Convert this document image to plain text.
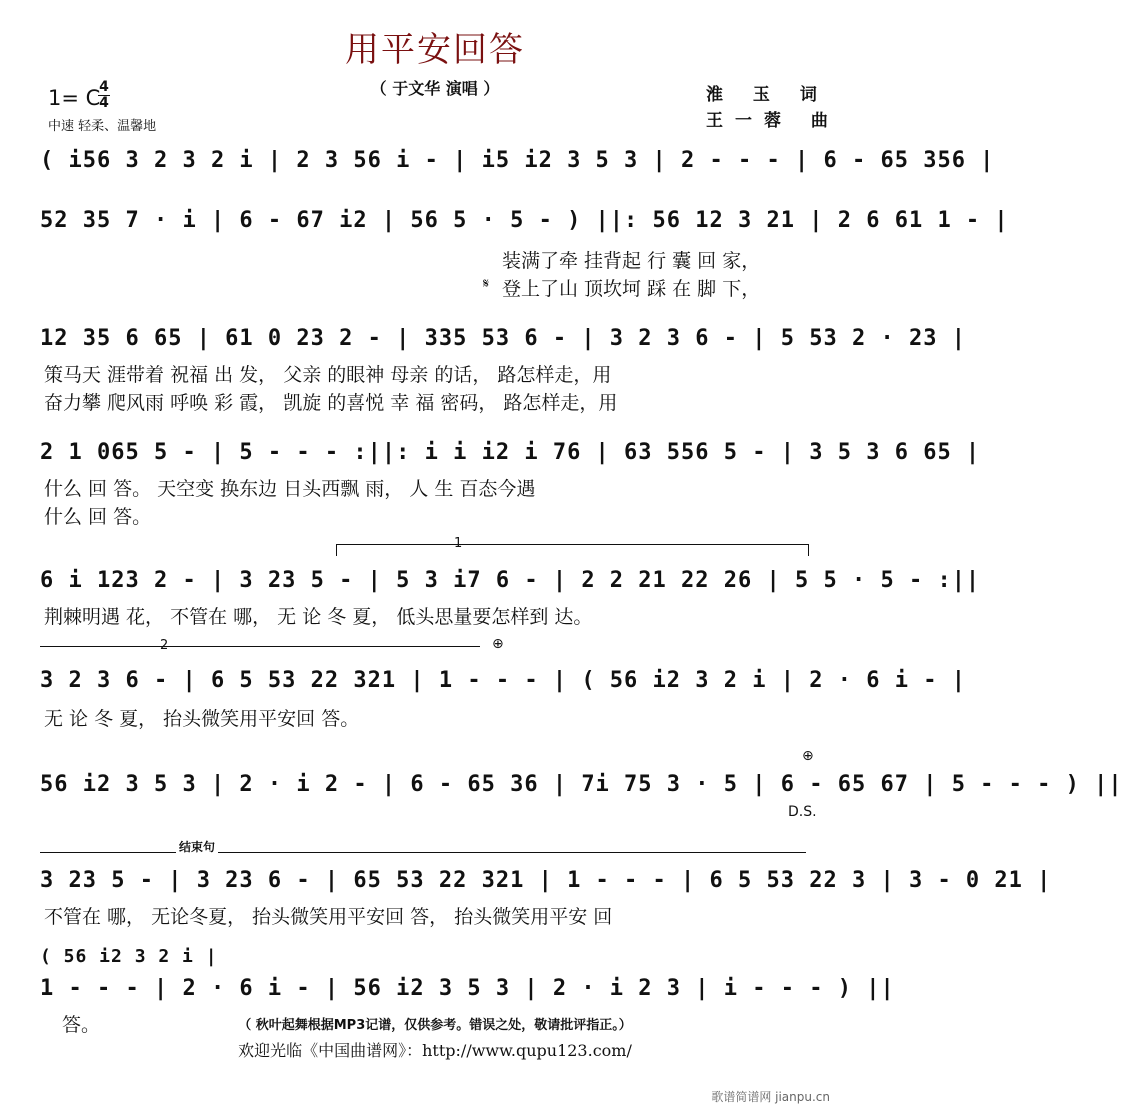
用平安回答
（ 于文华 演唱 ）
1= C
4
4
中速 轻柔、温馨地
淮 玉 词
王一蓉 曲
( i56 3 2 3 2 i | 2 3 56 i - | i5 i2 3 5 3 | 2 - - - | 6 - 65 356 |
52 35 7 · i | 6 - 67 i2 | 56 5 · 5 - ) ||: 56 12 3 21 | 2 6 61 1 - |
装满了牵 挂背起 行 囊 回 家，
𝄋 登上了山 顶坎坷 踩 在 脚 下，
12 35 6 65 | 61 0 23 2 - | 335 53 6 - | 3 2 3 6 - | 5 53 2 · 23 |
策马天 涯带着 祝福 出 发， 父亲 的眼神 母亲 的话， 路怎样走，用
奋力攀 爬风雨 呼唤 彩 霞， 凯旋 的喜悦 幸 福 密码， 路怎样走，用
2 1 065 5 - | 5 - - - :||: i i i2 i 76 | 63 556 5 - | 3 5 3 6 65 |
什么 回 答。 天空变 换东边 日头西飘 雨， 人 生 百态今遇
什么 回 答。
1
6 i 123 2 - | 3 23 5 - | 5 3 i7 6 - | 2 2 21 22 26 | 5 5 · 5 - :||
荆棘明遇 花， 不管在 哪， 无 论 冬 夏， 低头思量要怎样到 达。
2	⊕
3 2 3 6 - | 6 5 53 22 321 | 1 - - - | ( 56 i2 3 2 i | 2 · 6 i - |
无 论 冬 夏， 抬头微笑用平安回 答。
⊕
56 i2 3 5 3 | 2 · i 2 - | 6 - 65 36 | 7i 75 3 · 5 | 6 - 65 67 | 5 - - - ) ||
D.S.
结束句
3 23 5 - | 3 23 6 - | 65 53 22 321 | 1 - - - | 6 5 53 22 3 | 3 - 0 21 |
不管在 哪， 无论冬夏， 抬头微笑用平安回 答， 抬头微笑用平安 回
( 56 i2 3 2 i |
1 - - - | 2 · 6 i - | 56 i2 3 5 3 | 2 · i 2 3 | i - - - ) ||
答。	（ 秋叶起舞根据MP3记谱，仅供参考。错误之处，敬请批评指正。）
欢迎光临《中国曲谱网》：http://www.qupu123.com/
歌谱简谱网 jianpu.cn
